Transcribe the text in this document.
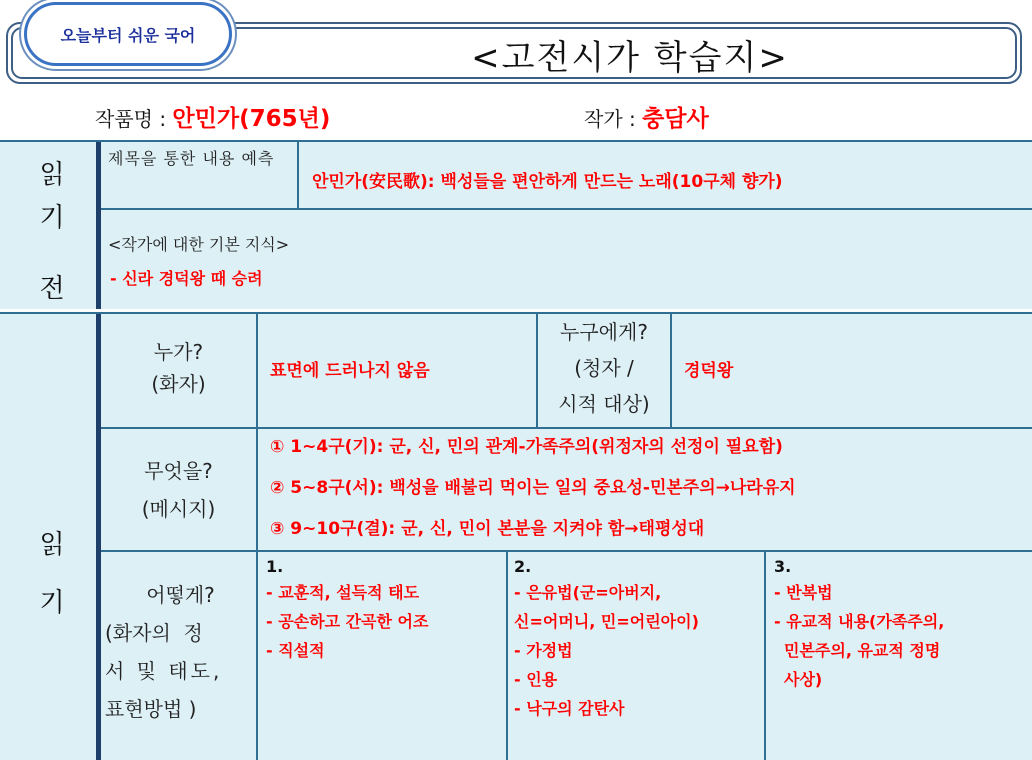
오늘부터 쉬운 국어
<고전시가 학습지>
작품명 : 안민가(765년)	작가 : 충담사
읽
기
전
제목을 통한 내용 예측
안민가(安民歌): 백성들을 편안하게 만드는 노래(10구체 향가)
<작가에 대한 기본 지식>
- 신라 경덕왕 때 승려
읽
기
누가?
(화자)
표면에 드러나지 않음
누구에게?
(청자 /
시적 대상)
경덕왕
무엇을?
(메시지)
① 1~4구(기): 군, 신, 민의 관계-가족주의(위정자의 선정이 필요함)
② 5~8구(서): 백성을 배불리 먹이는 일의 중요성-민본주의→나라유지
③ 9~10구(결): 군, 신, 민이 본분을 지켜야 함→태평성대
어떻게?
(화자의  정
서 및 태도,
표현방법 )
1.
- 교훈적, 설득적 태도
- 공손하고 간곡한 어조
- 직설적
2.
- 은유법(군=아버지,
신=어머니, 민=어린아이)
- 가정법
- 인용
- 낙구의 감탄사
3.
- 반복법
- 유교적 내용(가족주의,
민본주의, 유교적 정명
사상)
